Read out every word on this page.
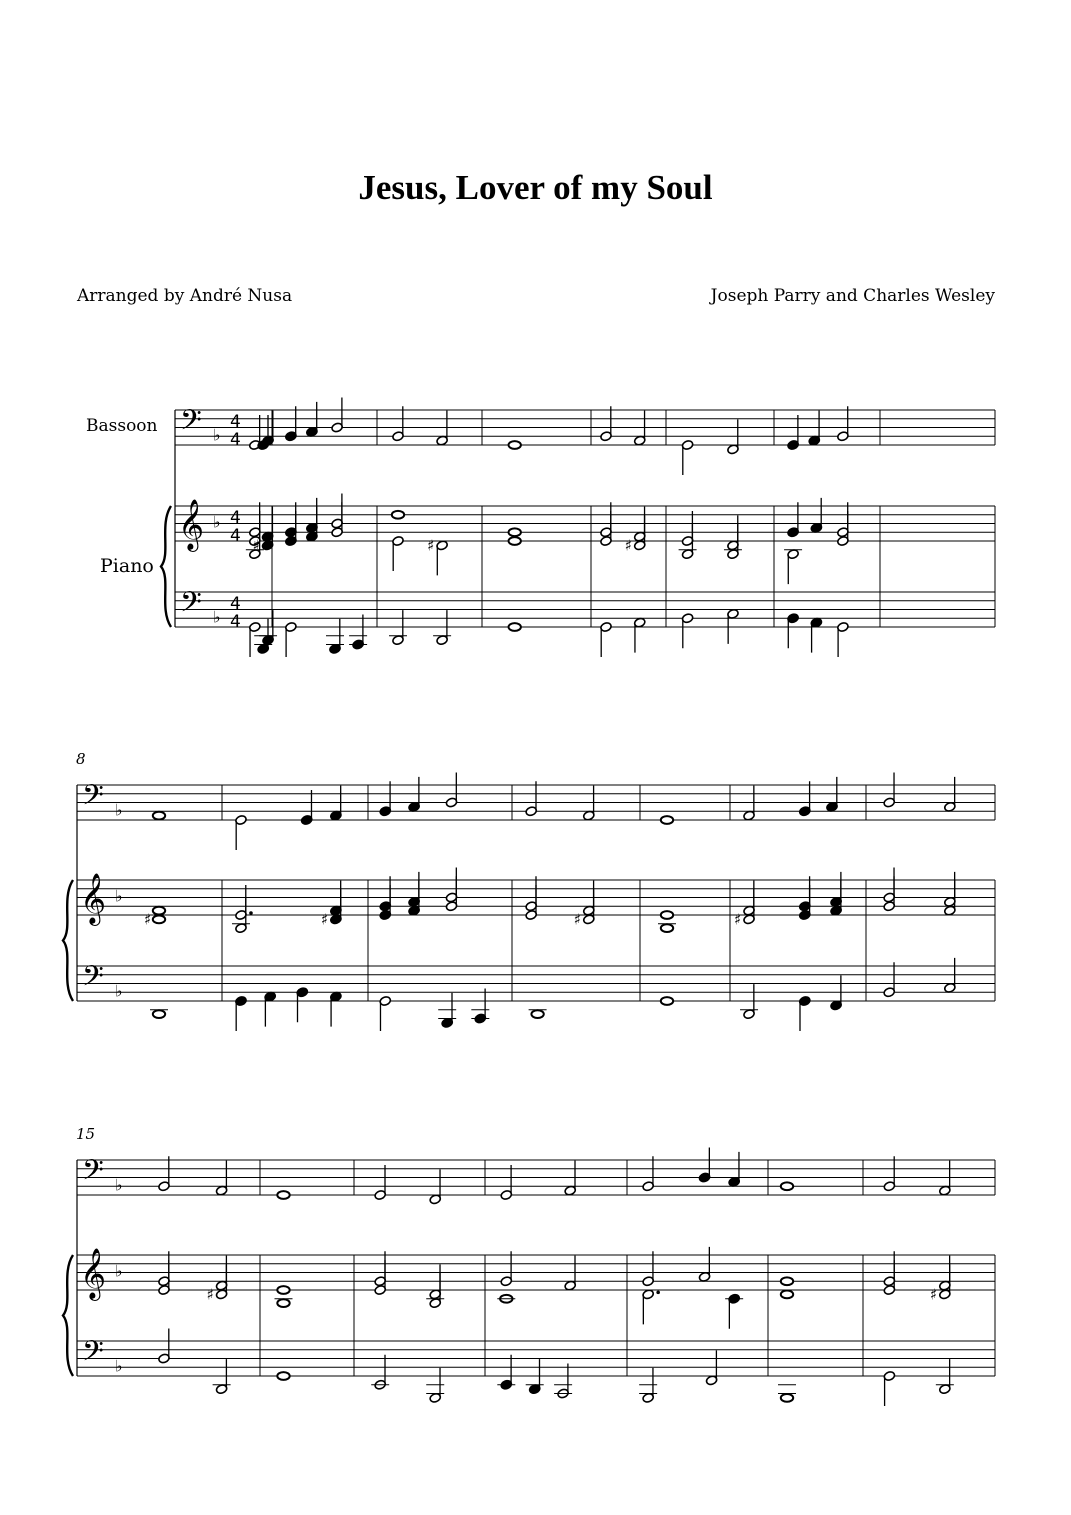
Jesus, Lover of my Soul
Arranged by André Nusa	Joseph Parry and Charles Wesley
Bassoon
Piano
8
15
𝄢
𝄞
𝄢
♭
♭
♭
4
4
4
4
4
4
𝄢
𝄞
𝄢
♭
♭
♭
𝄢
𝄞
𝄢
♭
♭
♭
♯	♯	♯
♯	♯	♯	♯
♯	♯
